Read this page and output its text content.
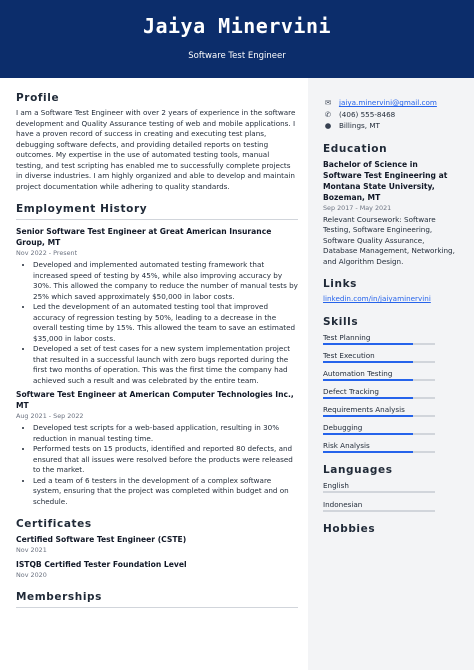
Jaiya Minervini
Software Test Engineer
Profile

I am a Software Test Engineer with over 2 years of experience in the software development and Quality Assurance testing of web and mobile applications. I have a proven record of success in creating and executing test plans, debugging software defects, and providing detailed reports on testing outcomes. My expertise in the use of automated testing tools, manual testing, and test scripting has enabled me to successfully complete projects in diverse industries. I am highly organized and able to develop and maintain project documentation while adhering to quality standards.

Employment History
Senior Software Test Engineer at Great American Insurance Group, MT
Nov 2022 - Present
• Developed and implemented automated testing framework that increased speed of testing by 45%, while also improving accuracy by 30%. This allowed the company to reduce the number of manual tests by 25% which saved approximately $50,000 in labor costs.
• Led the development of an automated testing tool that improved accuracy of regression testing by 50%, leading to a decrease in the overall testing time by 15%. This allowed the team to save an estimated $35,000 in labor costs.
• Developed a set of test cases for a new system implementation project that resulted in a successful launch with zero bugs reported during the first two months of operation. This was the first time the company had achieved such a result and was celebrated by the entire team.
Software Test Engineer at American Computer Technologies Inc., MT
Aug 2021 - Sep 2022
• Developed test scripts for a web-based application, resulting in 30% reduction in manual testing time.
• Performed tests on 15 products, identified and reported 80 defects, and ensured that all issues were resolved before the products were released to the market.
• Led a team of 6 testers in the development of a complex software system, ensuring that the project was completed within budget and on schedule.
Certificates
Certified Software Test Engineer (CSTE)
Nov 2021
ISTQB Certified Tester Foundation Level
Nov 2020
Memberships
✉ jaiya.minervini@gmail.com
✆ (406) 555-8468
● Billings, MT
Education
Bachelor of Science in Software Test Engineering at Montana State University, Bozeman, MT
Sep 2017 - May 2021

Relevant Coursework: Software Testing, Software Engineering, Software Quality Assurance, Database Management, Networking, and Algorithm Design.

Links

linkedin.com/in/jaiyaminervini

Skills
Test Planning
Test Execution
Automation Testing
Defect Tracking
Requirements Analysis
Debugging
Risk Analysis
Languages
English
Indonesian
Hobbies
